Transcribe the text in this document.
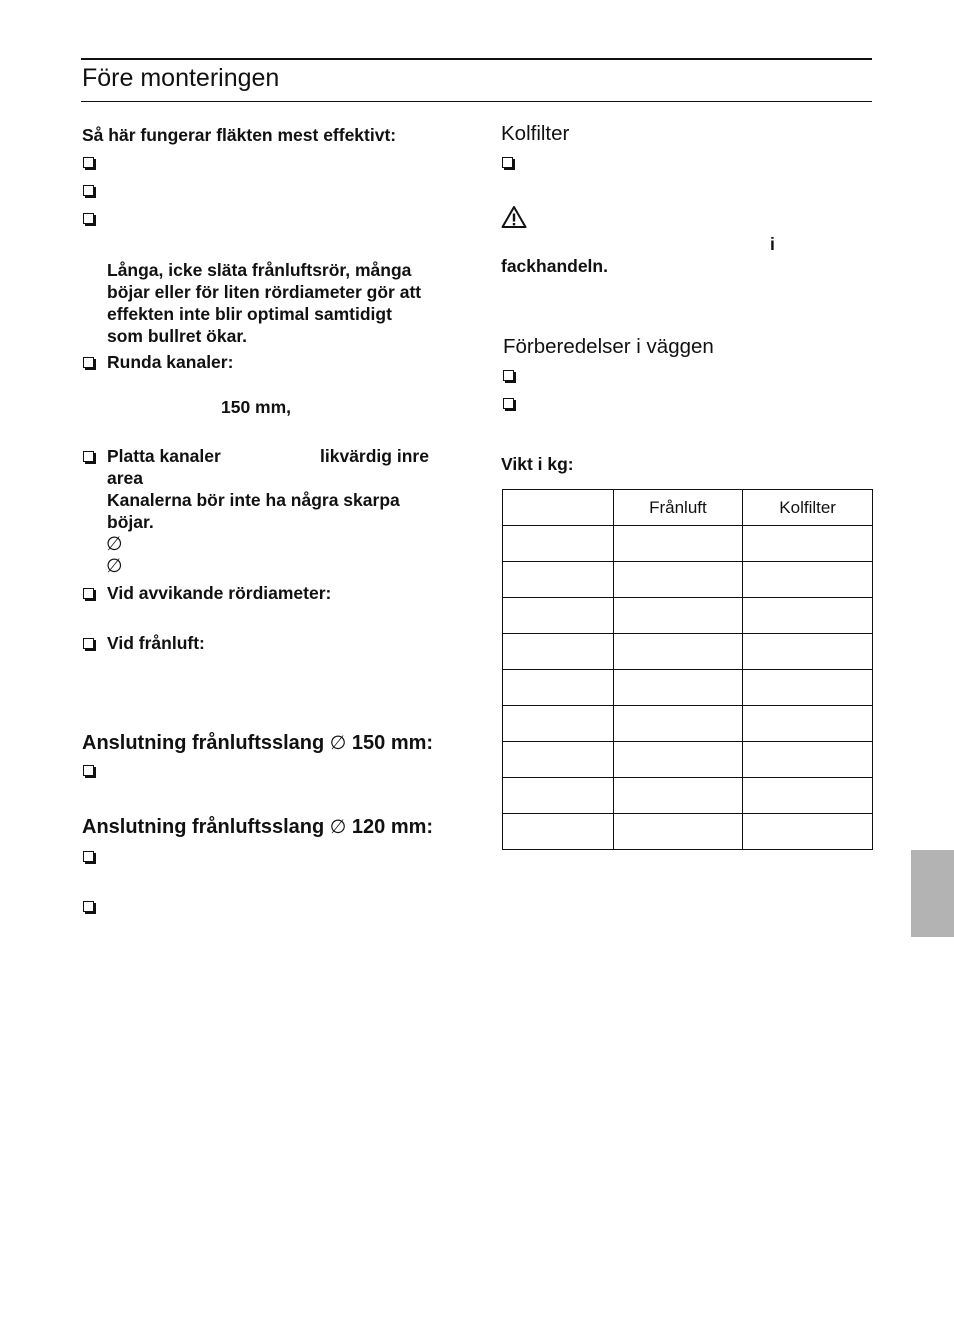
Före monteringen
Så här fungerar fläkten mest effektivt:
Långa, icke släta frånluftsrör, många
böjar eller för liten rördiameter gör att
effekten inte blir optimal samtidigt
som bullret ökar.
Runda kanaler:
150 mm,
Platta kanaler	likvärdig inre
area
Kanalerna bör inte ha några skarpa
böjar.
∅
∅
Vid avvikande rördiameter:
Vid frånluft:
Anslutning frånluftsslang ∅ 150 mm:
Anslutning frånluftsslang ∅ 120 mm:
Kolfilter
i
fackhandeln.
Förberedelser i väggen
Vikt i kg:
	Frånluft	Kolfilter
